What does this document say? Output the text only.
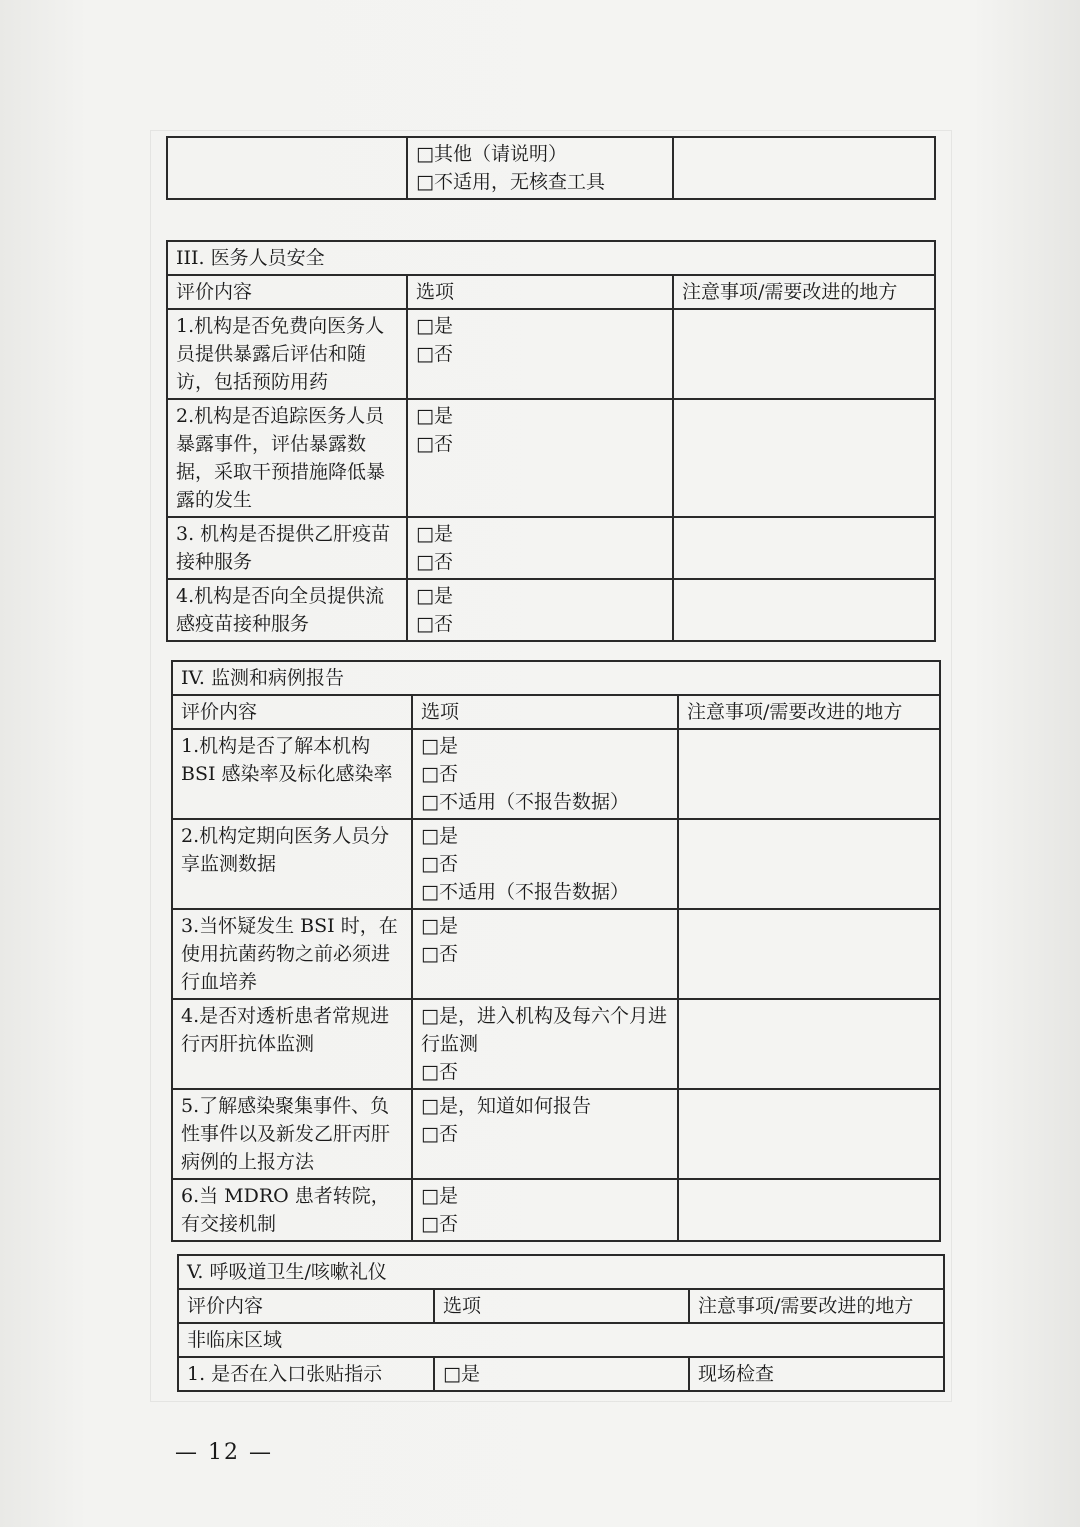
□其他（请说明）
□不适用，无核查工具

III. 医务人员安全		
评价内容	选项	注意事项/需要改进的地方
1.机构是否免费向医务人员提供暴露后评估和随访，包括预防用药	□是
□否	

2.机构是否追踪医务人员暴露事件，评估暴露数据，采取干预措施降低暴露的发生	□是
□否	

3. 机构是否提供乙肝疫苗接种服务	□是
□否	

4.机构是否向全员提供流感疫苗接种服务	□是
□否	

IV. 监测和病例报告		
评价内容	选项	注意事项/需要改进的地方
1.机构是否了解本机构 BSI 感染率及标化感染率	□是
□否
□不适用（不报告数据）	

2.机构定期向医务人员分享监测数据	□是
□否
□不适用（不报告数据）	

3.当怀疑发生 BSI 时，在使用抗菌药物之前必须进行血培养	□是
□否	

4.是否对透析患者常规进行丙肝抗体监测	□是，进入机构及每六个月进行监测
□否	

5.了解感染聚集事件、负性事件以及新发乙肝丙肝病例的上报方法	□是，知道如何报告
□否	

6.当 MDRO 患者转院，有交接机制	□是
□否	

V. 呼吸道卫生/咳嗽礼仪		
评价内容	选项	注意事项/需要改进的地方
非临床区域		
1. 是否在入口张贴指示	□是	现场检查
— 12 —
